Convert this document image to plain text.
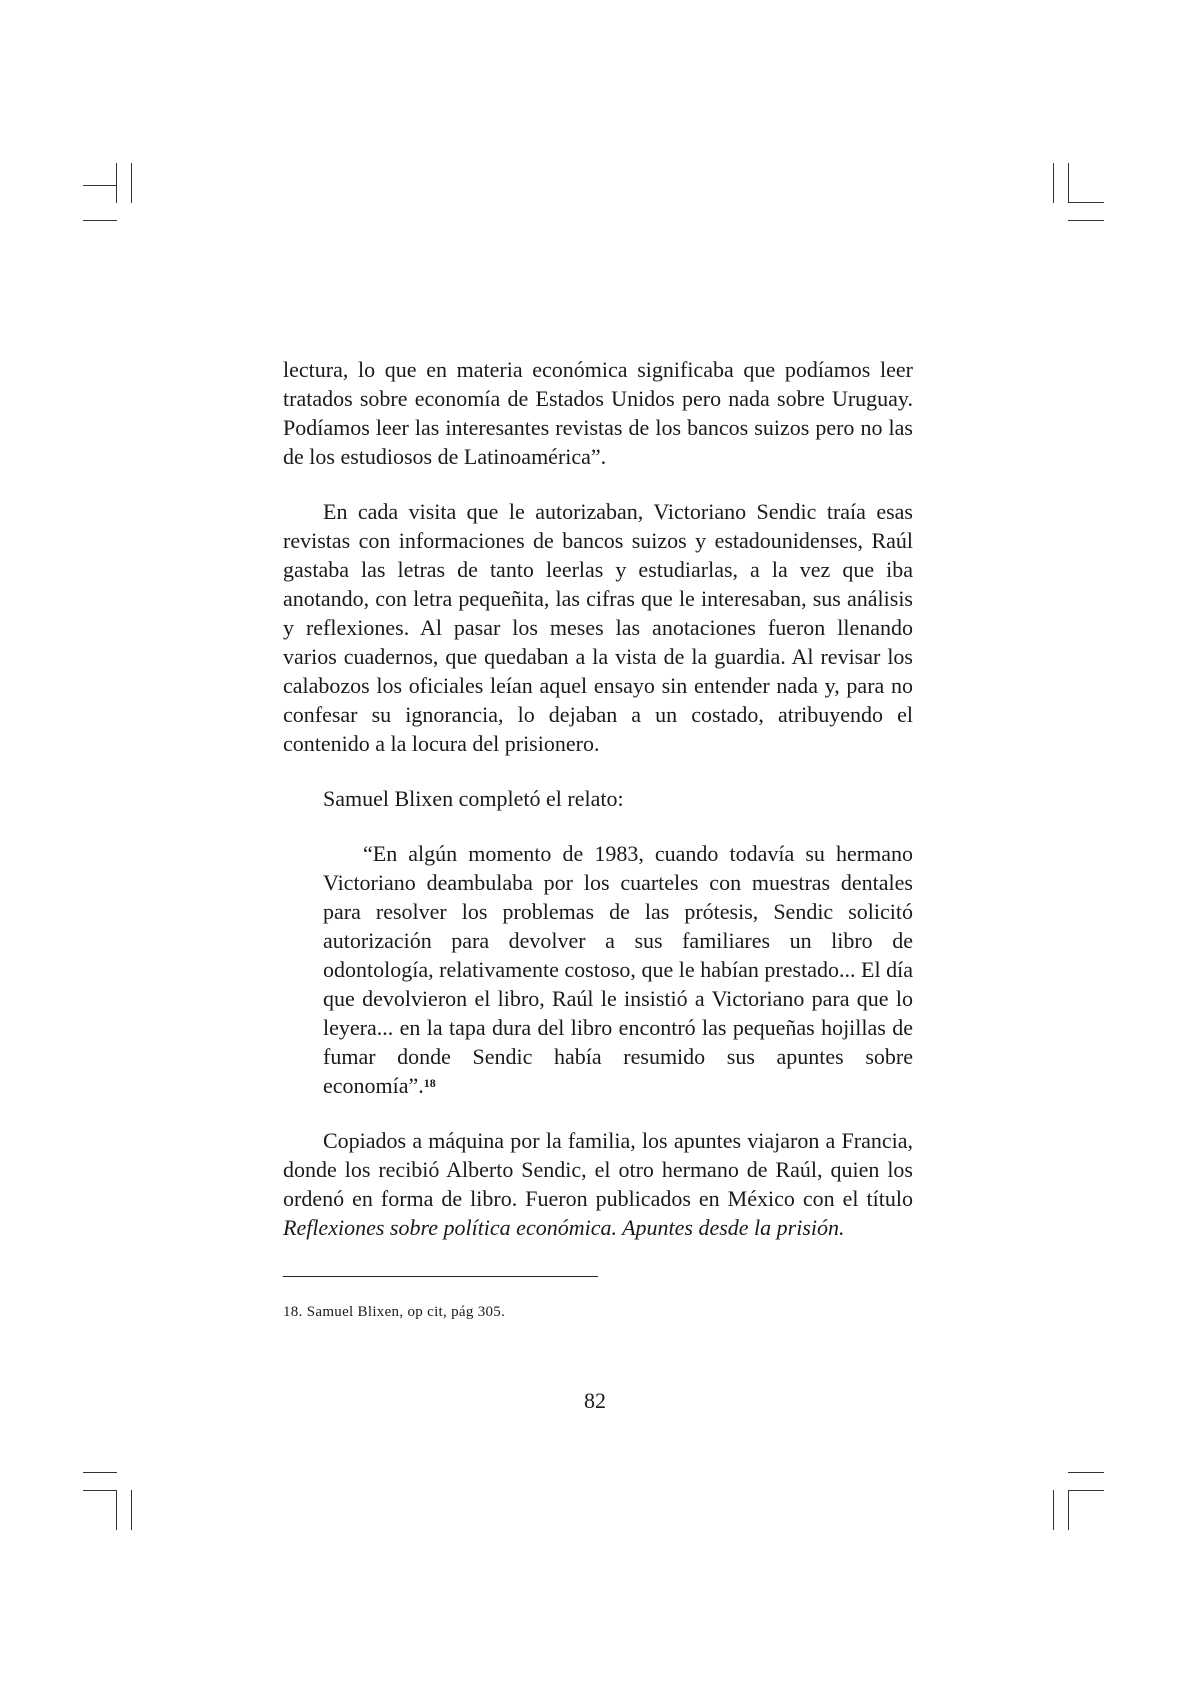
lectura, lo que en materia económica significaba que podíamos leer tratados sobre economía de Estados Unidos pero nada sobre Uruguay. Podíamos leer las interesantes revistas de los bancos suizos pero no las de los estudiosos de Latinoamérica”.

En cada visita que le autorizaban, Victoriano Sendic traía esas revistas con informaciones de bancos suizos y estadounidenses, Raúl gastaba las letras de tanto leerlas y estudiarlas, a la vez que iba anotando, con letra pequeñita, las cifras que le interesaban, sus análisis y reflexiones. Al pasar los meses las anotaciones fueron llenando varios cuadernos, que quedaban a la vista de la guardia. Al revisar los calabozos los oficiales leían aquel ensayo sin entender nada y, para no confesar su ignorancia, lo dejaban a un costado, atribuyendo el contenido a la locura del prisionero.

Samuel Blixen completó el relato:

“En algún momento de 1983, cuando todavía su hermano Victoriano deambulaba por los cuarteles con muestras dentales para resolver los problemas de las prótesis, Sendic solicitó autorización para devolver a sus familiares un libro de odontología, relativamente costoso, que le habían prestado... El día que devolvieron el libro, Raúl le insistió a Victoriano para que lo leyera... en la tapa dura del libro encontró las pequeñas hojillas de fumar donde Sendic había resumido sus apuntes sobre economía”.$^{18}$

Copiados a máquina por la familia, los apuntes viajaron a Francia, donde los recibió Alberto Sendic, el otro hermano de Raúl, quien los ordenó en forma de libro. Fueron publicados en México con el título Reflexiones sobre política económica. Apuntes desde la prisión.

18. Samuel Blixen, op cit, pág 305.
82
